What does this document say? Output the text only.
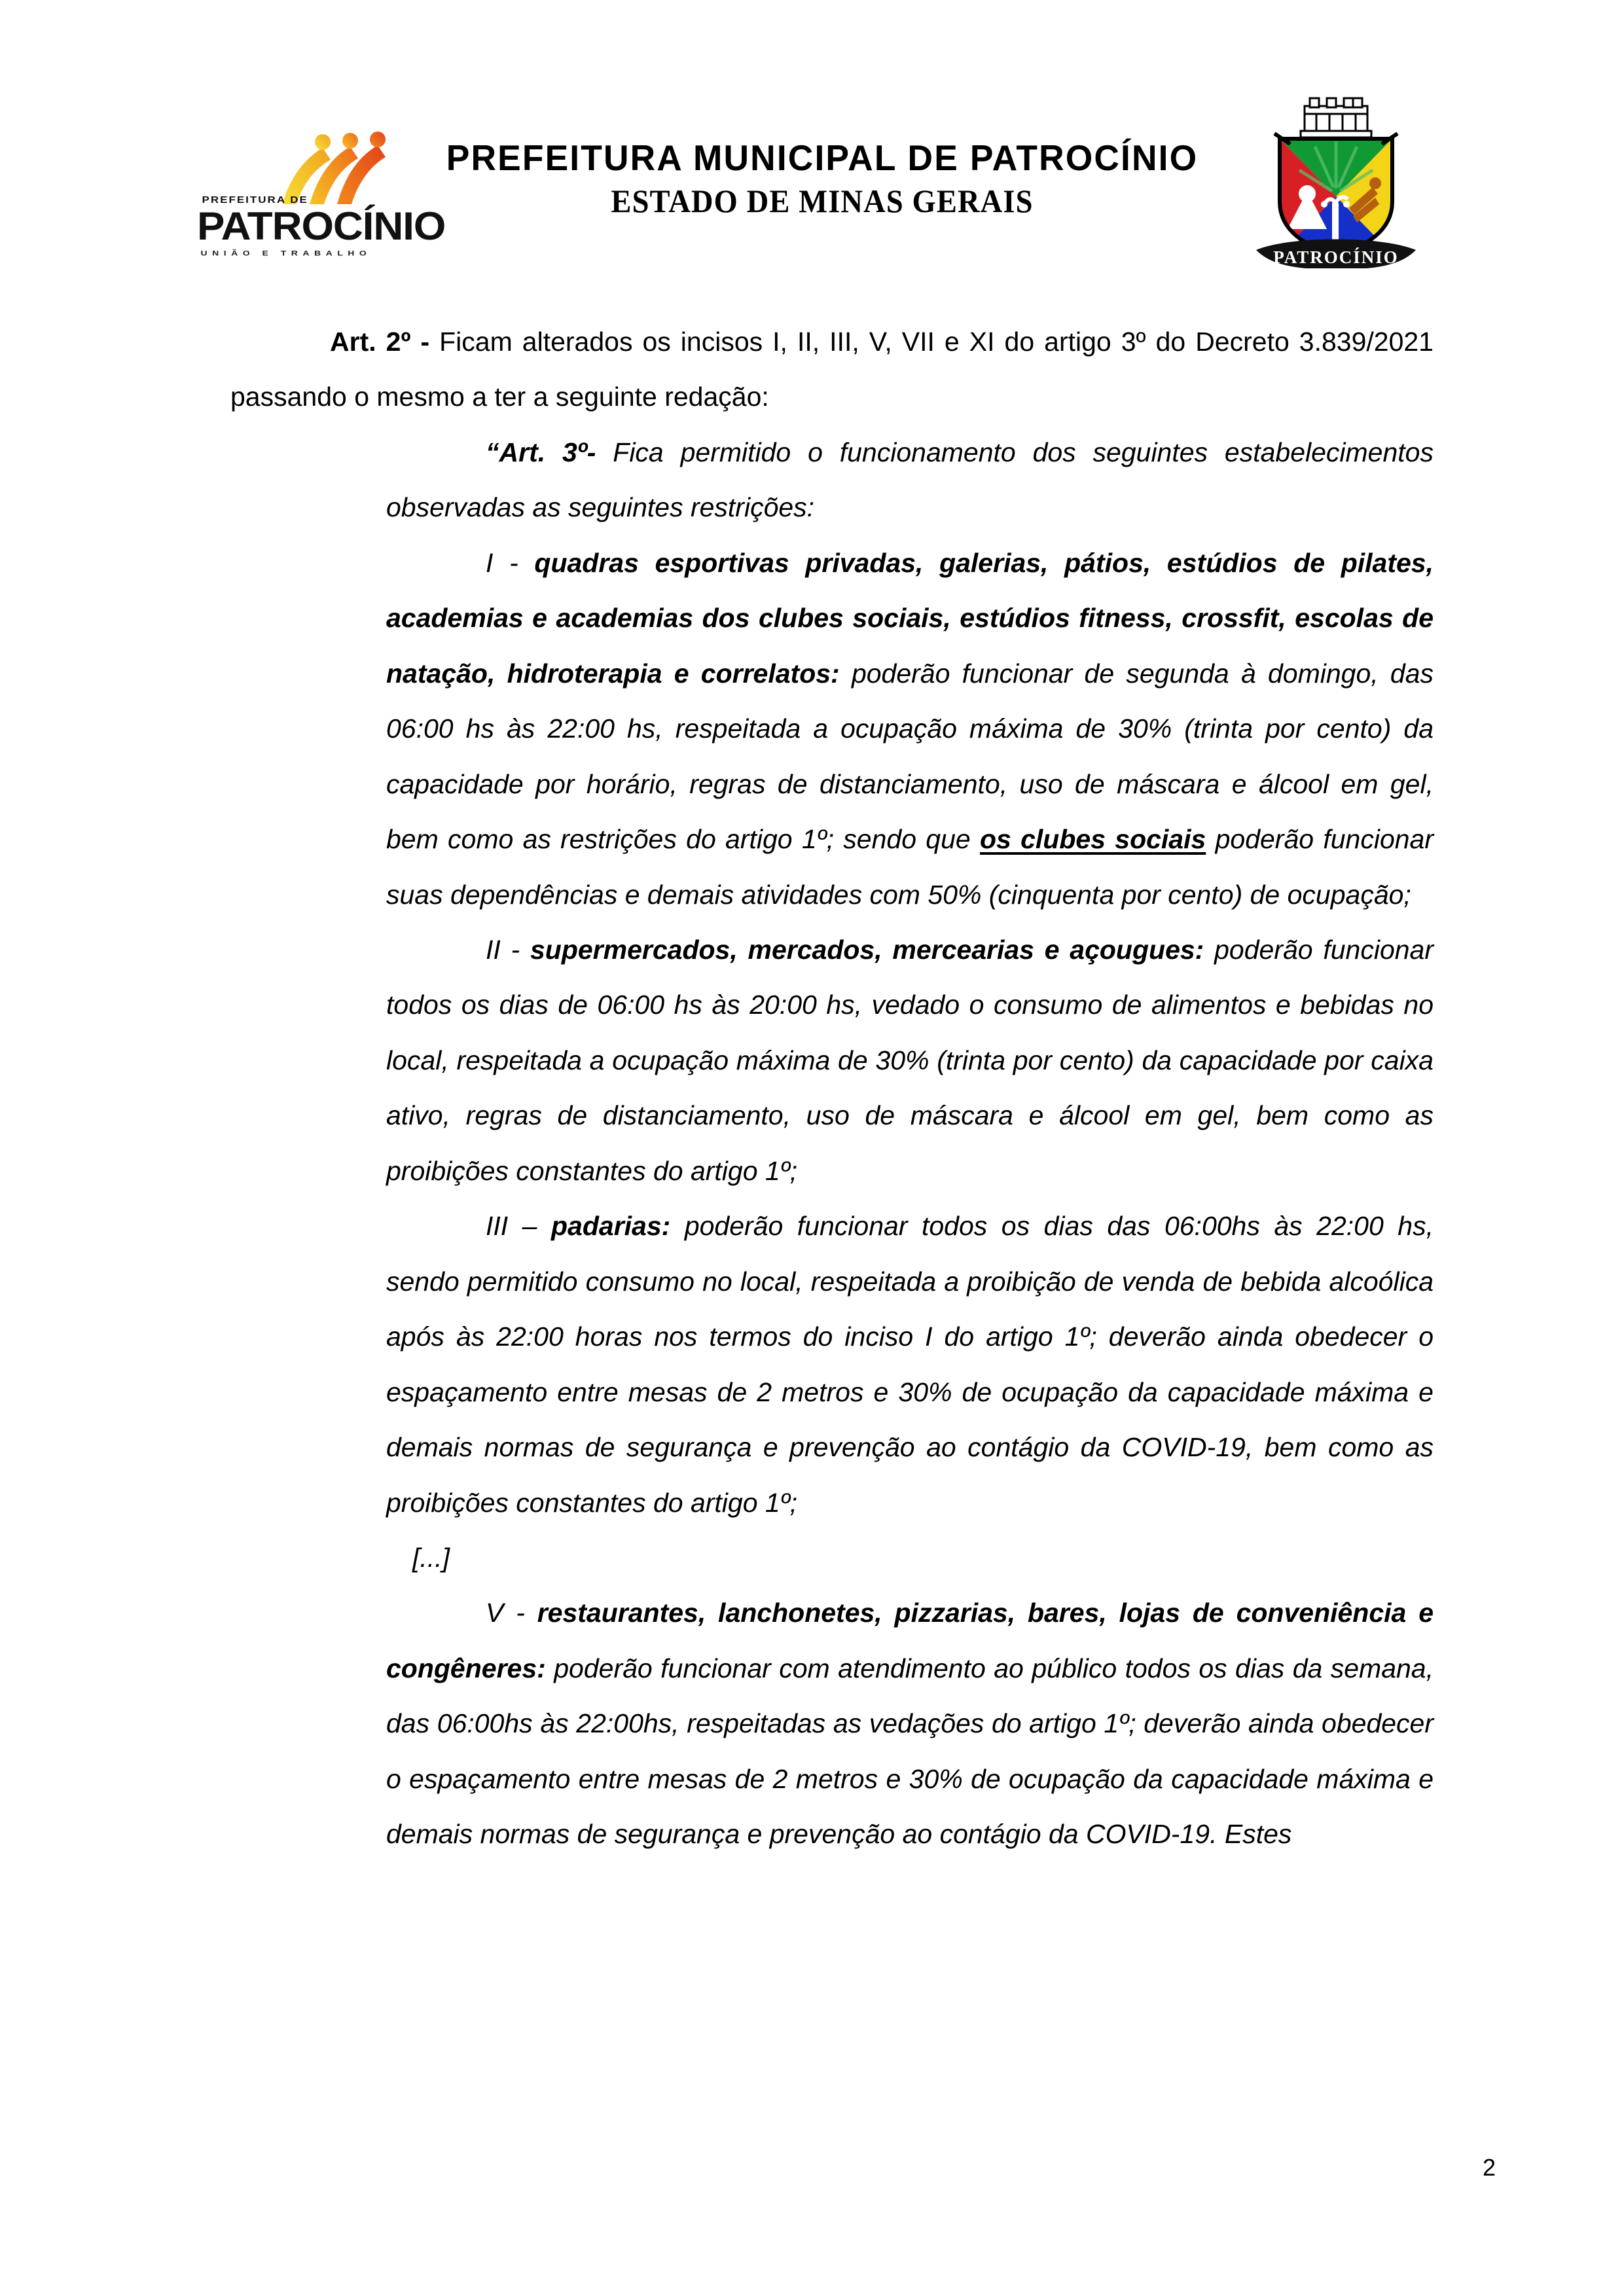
PREFEITURA DE
PATROCÍNIO
UNIÃO E TRABALHO
PREFEITURA MUNICIPAL DE PATROCÍNIO
ESTADO DE MINAS GERAIS
PATROCÍNIO

Art. 2º - Ficam alterados os incisos I, II, III, V, VII e XI do artigo 3º do Decreto 3.839/2021 passando o mesmo a ter a seguinte redação:

“Art. 3º- Fica permitido o funcionamento dos seguintes estabelecimentos observadas as seguintes restrições:

I - quadras esportivas privadas, galerias, pátios, estúdios de pilates, academias e academias dos clubes sociais, estúdios fitness, crossfit, escolas de natação, hidroterapia e correlatos: poderão funcionar de segunda à domingo, das 06:00 hs às 22:00 hs, respeitada a ocupação máxima de 30% (trinta por cento) da capacidade por horário, regras de distanciamento, uso de máscara e álcool em gel, bem como as restrições do artigo 1º; sendo que os clubes sociais poderão funcionar suas dependências e demais atividades com 50% (cinquenta por cento) de ocupação;

II - supermercados, mercados, mercearias e açougues: poderão funcionar todos os dias de 06:00 hs às 20:00 hs, vedado o consumo de alimentos e bebidas no local, respeitada a ocupação máxima de 30% (trinta por cento) da capacidade por caixa ativo, regras de distanciamento, uso de máscara e álcool em gel, bem como as proibições constantes do artigo 1º;

III – padarias: poderão funcionar todos os dias das 06:00hs às 22:00 hs, sendo permitido consumo no local, respeitada a proibição de venda de bebida alcoólica após às 22:00 horas nos termos do inciso I do artigo 1º; deverão ainda obedecer o espaçamento entre mesas de 2 metros e 30% de ocupação da capacidade máxima e demais normas de segurança e prevenção ao contágio da COVID-19, bem como as proibições constantes do artigo 1º;

[...]

V - restaurantes, lanchonetes, pizzarias, bares, lojas de conveniência e congêneres: poderão funcionar com atendimento ao público todos os dias da semana, das 06:00hs às 22:00hs, respeitadas as vedações do artigo 1º; deverão ainda obedecer o espaçamento entre mesas de 2 metros e 30% de ocupação da capacidade máxima e demais normas de segurança e prevenção ao contágio da COVID-19. Estes

2
